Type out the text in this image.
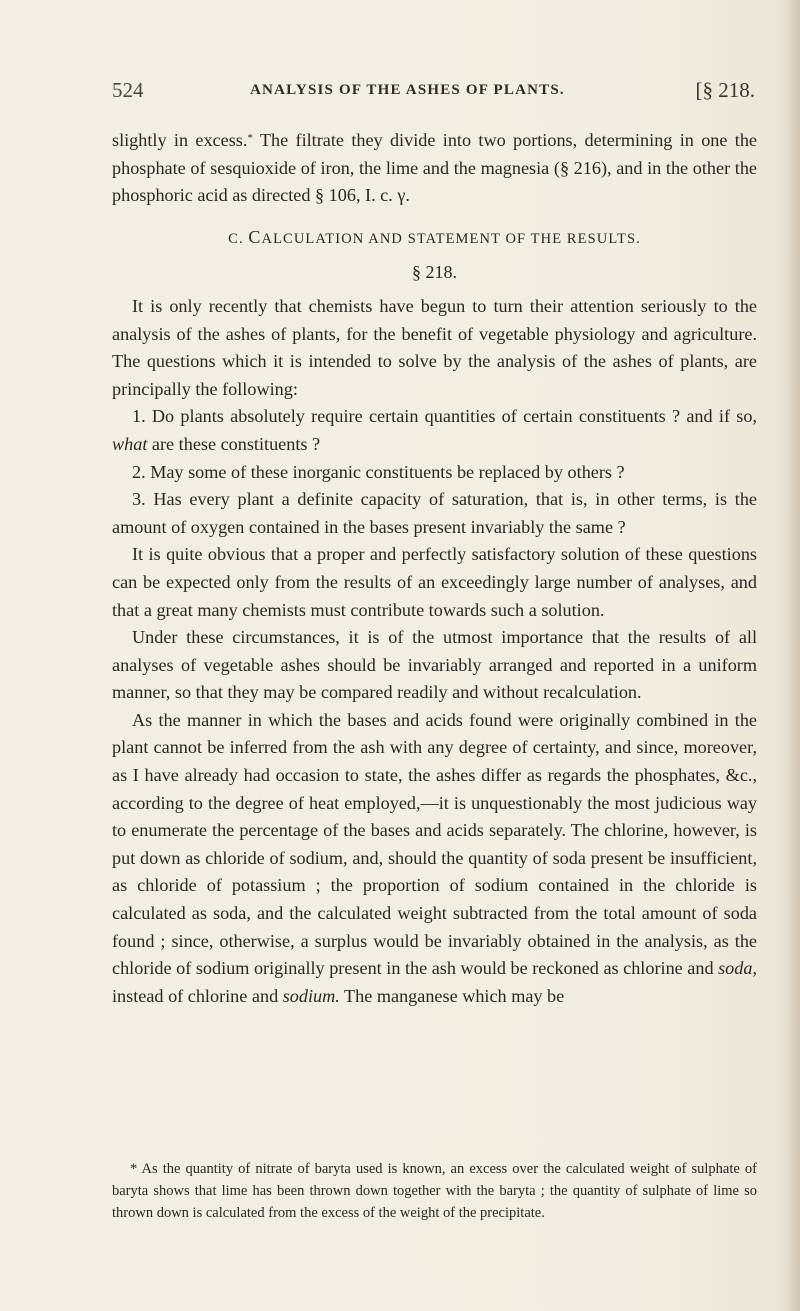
524	ANALYSIS OF THE ASHES OF PLANTS.	[§ 218.

slightly in excess.* The filtrate they divide into two portions, determining in one the phosphate of sesquioxide of iron, the lime and the magnesia (§ 216), and in the other the phosphoric acid as directed § 106, I. c. γ.

C. CALCULATION AND STATEMENT OF THE RESULTS.

§ 218.

It is only recently that chemists have begun to turn their attention seriously to the analysis of the ashes of plants, for the benefit of vegetable physiology and agriculture. The questions which it is intended to solve by the analysis of the ashes of plants, are principally the following:

1. Do plants absolutely require certain quantities of certain constituents ? and if so, what are these constituents ?

2. May some of these inorganic constituents be replaced by others ?

3. Has every plant a definite capacity of saturation, that is, in other terms, is the amount of oxygen contained in the bases present invariably the same ?

It is quite obvious that a proper and perfectly satisfactory solution of these questions can be expected only from the results of an exceedingly large number of analyses, and that a great many chemists must contribute towards such a solution.

Under these circumstances, it is of the utmost importance that the results of all analyses of vegetable ashes should be invariably arranged and reported in a uniform manner, so that they may be compared readily and without recalculation.

As the manner in which the bases and acids found were originally combined in the plant cannot be inferred from the ash with any degree of certainty, and since, moreover, as I have already had occasion to state, the ashes differ as regards the phosphates, &c., according to the degree of heat employed,—it is unquestionably the most judicious way to enumerate the percentage of the bases and acids separately. The chlorine, however, is put down as chloride of sodium, and, should the quantity of soda present be insufficient, as chloride of potassium ; the proportion of sodium contained in the chloride is calculated as soda, and the calculated weight subtracted from the total amount of soda found ; since, otherwise, a surplus would be invariably obtained in the analysis, as the chloride of sodium originally present in the ash would be reckoned as chlorine and soda, instead of chlorine and sodium. The manganese which may be

* As the quantity of nitrate of baryta used is known, an excess over the calculated weight of sulphate of baryta shows that lime has been thrown down together with the baryta ; the quantity of sulphate of lime so thrown down is calculated from the excess of the weight of the precipitate.
